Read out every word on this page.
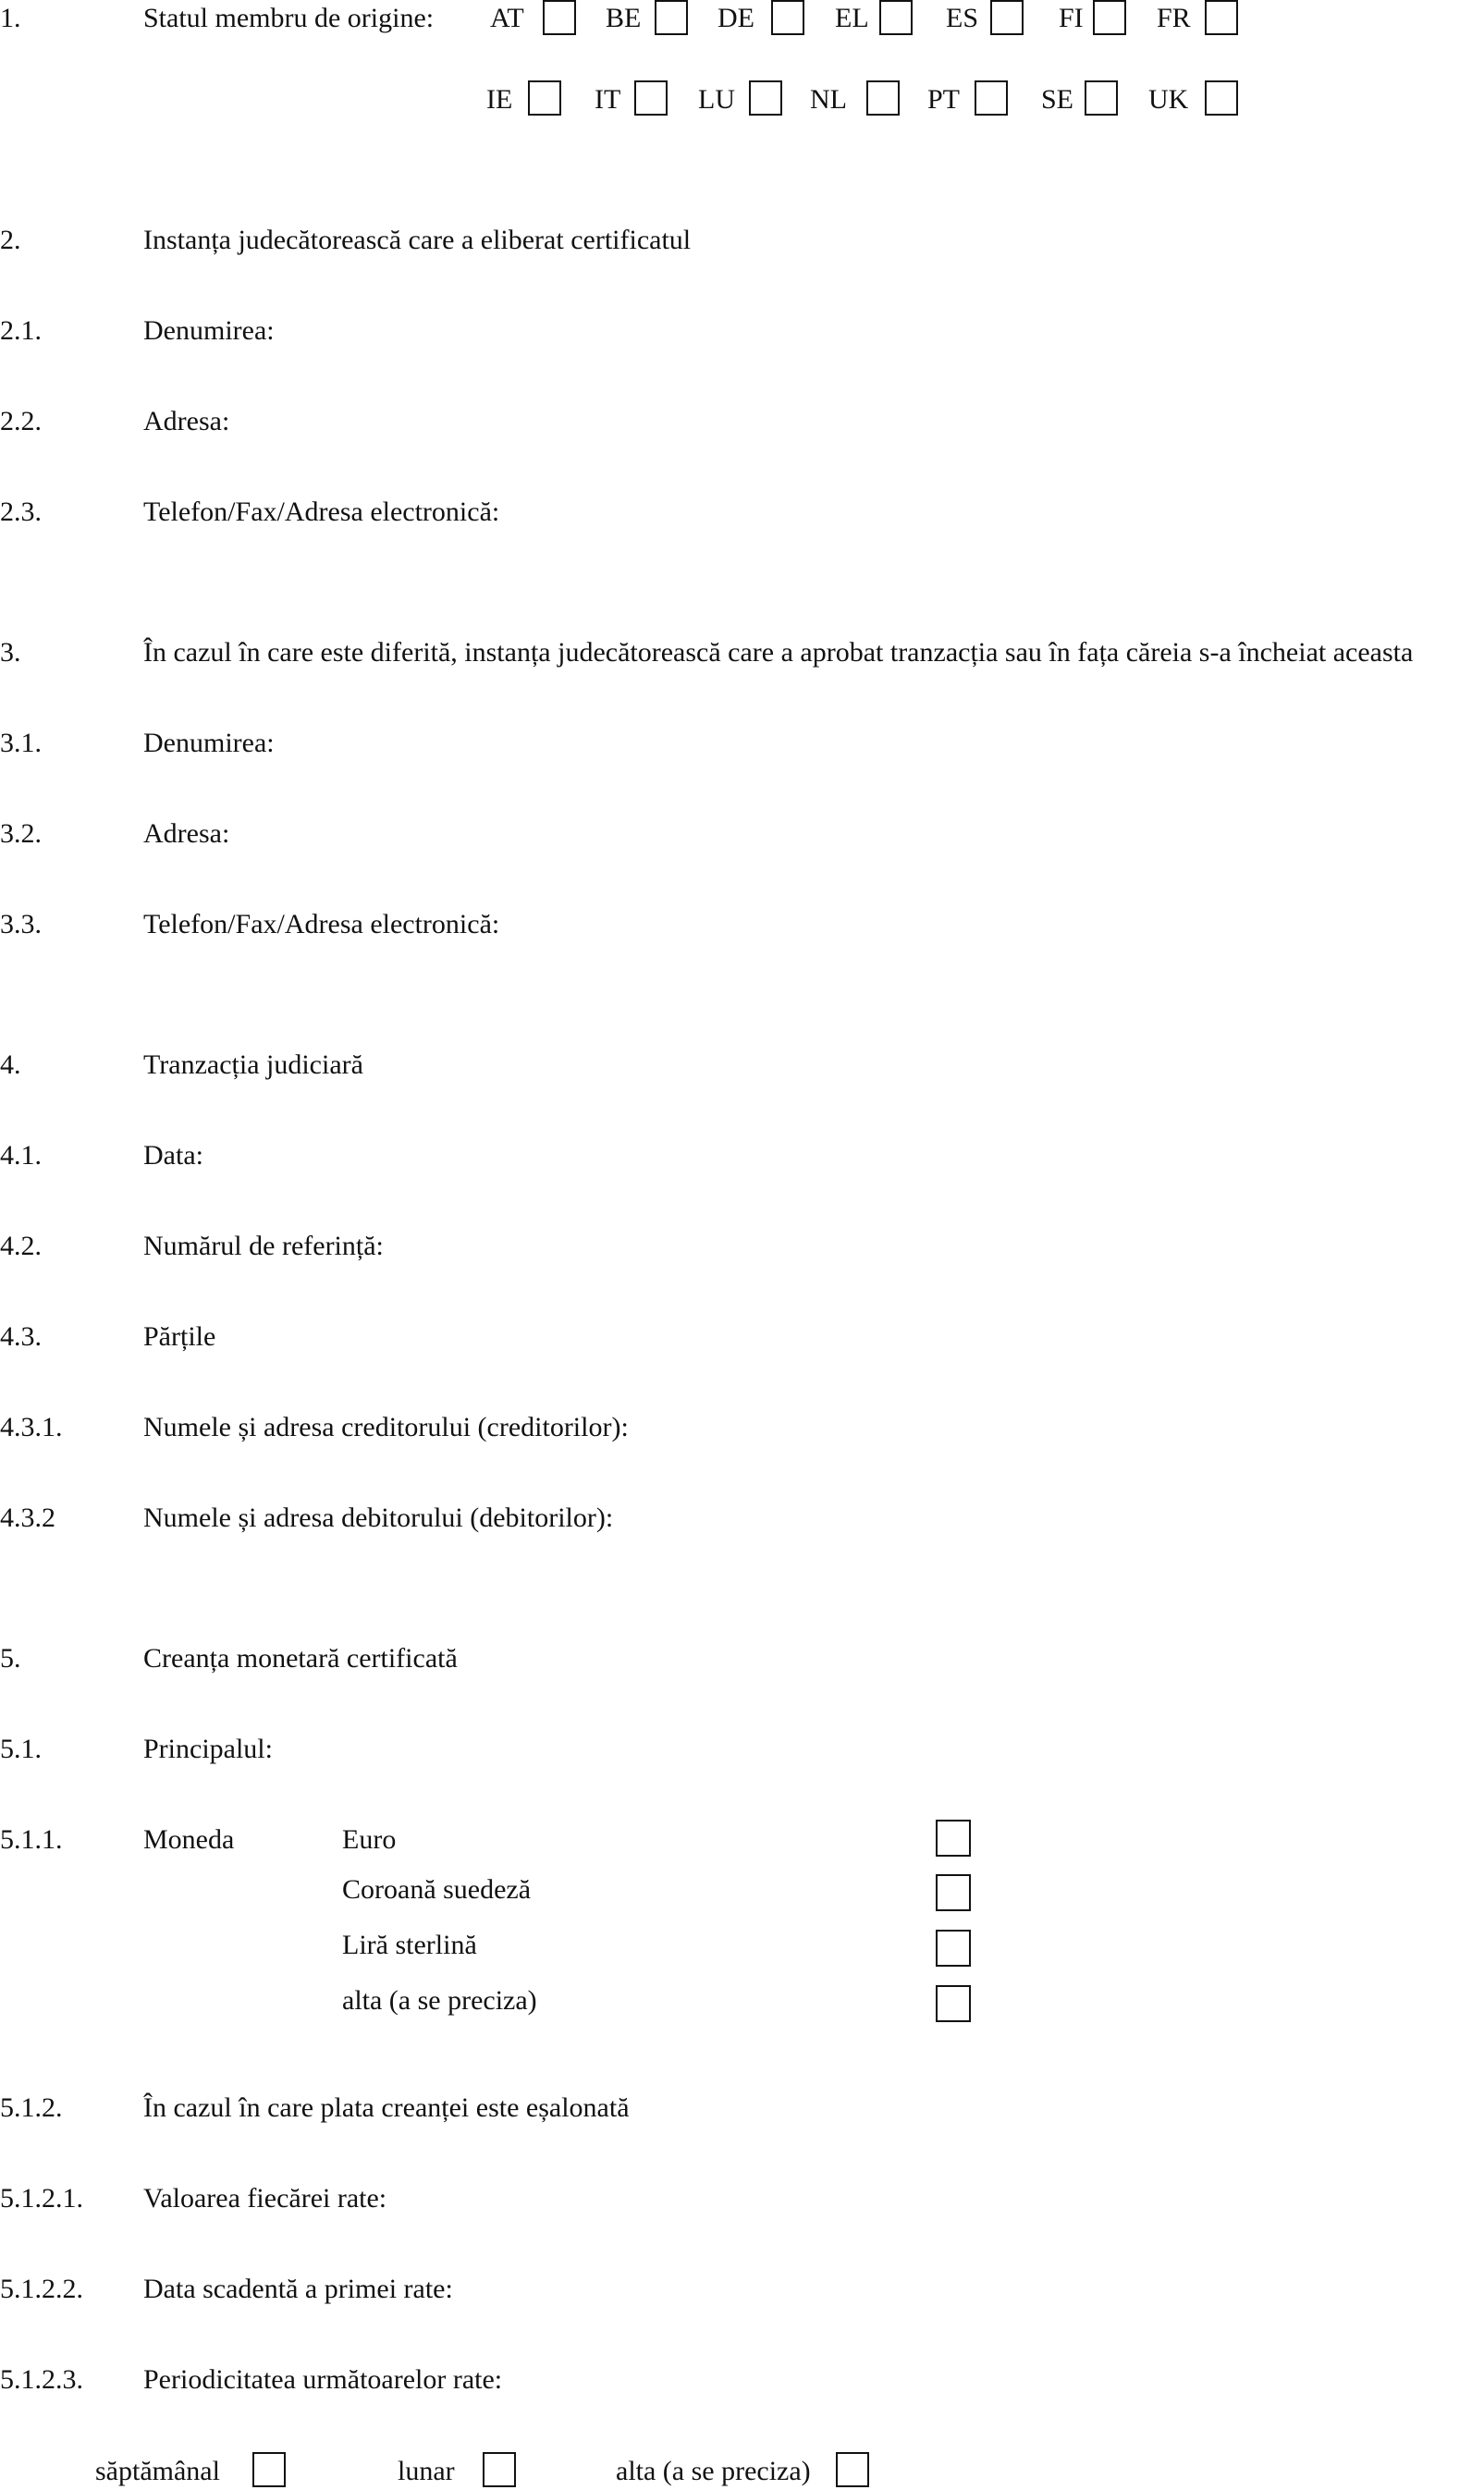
1.	Statul membru de origine: AT	BE	DE	EL	ES	FI	FR
IE	IT	LU	NL	PT	SE	UK
2.	Instanța judecătorească care a eliberat certificatul
2.1.	Denumirea:
2.2.	Adresa:
2.3.	Telefon/Fax/Adresa electronică:
3.	În cazul în care este diferită, instanța judecătorească care a aprobat tranzacția sau în fața căreia s-a încheiat aceasta
3.1.	Denumirea:
3.2.	Adresa:
3.3.	Telefon/Fax/Adresa electronică:
4.	Tranzacția judiciară
4.1.	Data:
4.2.	Numărul de referință:
4.3.	Părțile
4.3.1.	Numele și adresa creditorului (creditorilor):
4.3.2	Numele și adresa debitorului (debitorilor):
5.	Creanța monetară certificată
5.1.	Principalul:
5.1.1.	Moneda	Euro
Coroană suedeză
Liră sterlină
alta (a se preciza)
5.1.2.	În cazul în care plata creanței este eșalonată
5.1.2.1. Valoarea fiecărei rate:
5.1.2.2. Data scadentă a primei rate:
5.1.2.3. Periodicitatea următoarelor rate:
săptămânal	lunar	alta (a se preciza)
